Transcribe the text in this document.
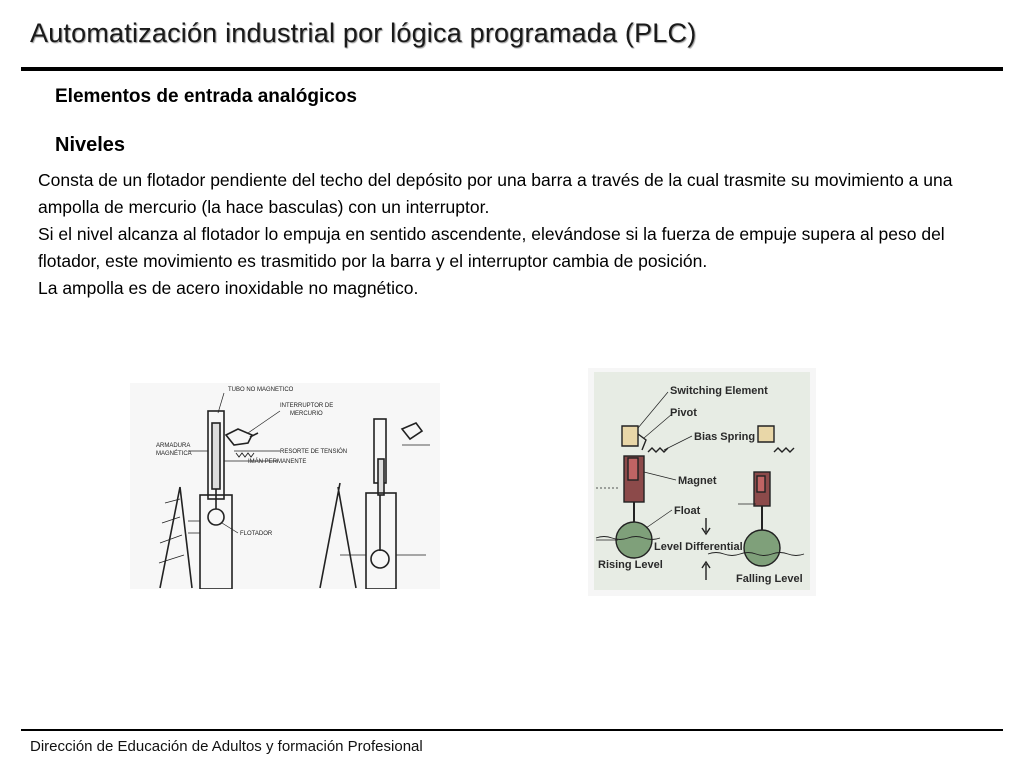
Automatización industrial por lógica programada (PLC)
Elementos de entrada analógicos
Niveles

Consta de un flotador pendiente del techo del depósito por una barra a través de la cual trasmite su movimiento a una ampolla de mercurio (la hace basculas) con un interruptor.

Si el nivel alcanza al flotador lo empuja en sentido ascendente, elevándose si la fuerza de empuje supera al peso del flotador, este movimiento es trasmitido por la barra y el interruptor cambia de posición.

La ampolla es de acero inoxidable no magnético.

TUBO NO MAGNETICO
INTERRUPTOR DE
MERCURIO
ARMADURA
MAGNÉTICA	RESORTE DE TENSIÓN
IMÁN PERMANENTE
FLOTADOR
Switching Element
Pivot
Bias Spring
Magnet
Float
Level Differential
Rising Level
Falling Level
Dirección de Educación de Adultos y formación Profesional
